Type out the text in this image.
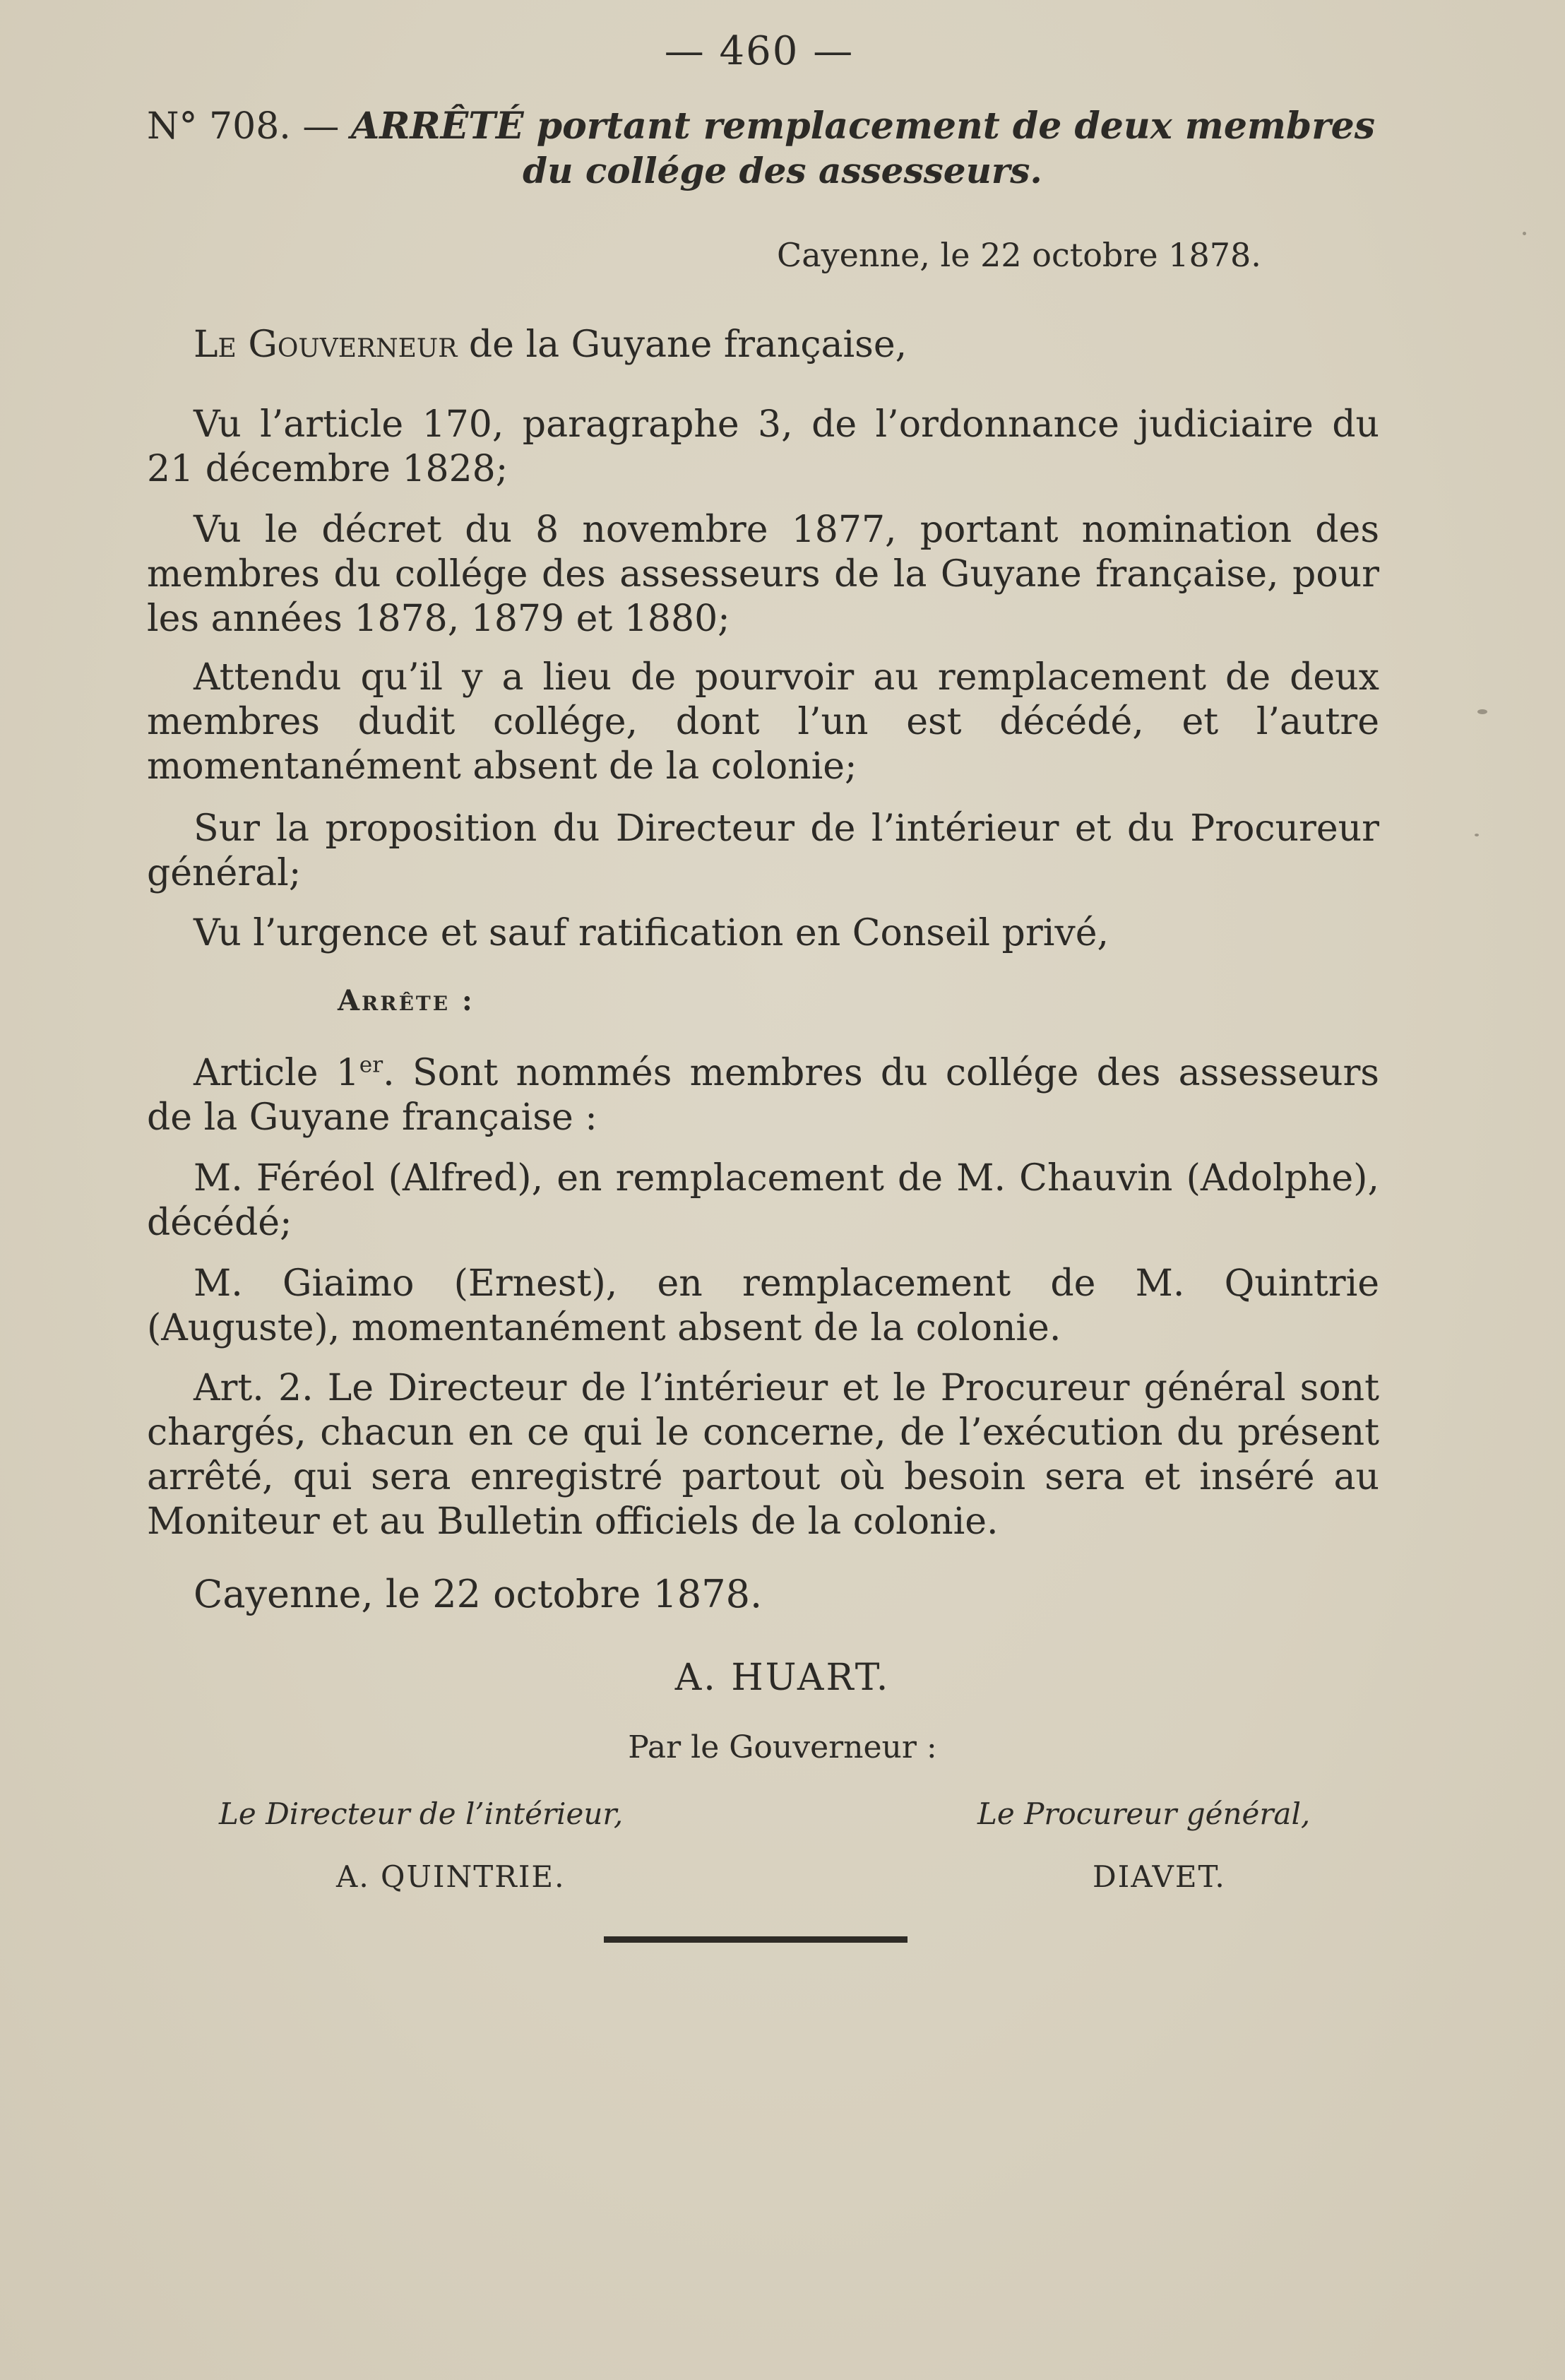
— 460 —
N° 708. — ARRÊTÉ portant remplacement de deux membres
du collége des assesseurs.
Cayenne, le 22 octobre 1878.

Le Gouverneur de la Guyane française,

Vu l’article 170, paragraphe 3, de l’ordonnance judiciaire du 21 décembre 1828;

Vu le décret du 8 novembre 1877, portant nomination des membres du collége des assesseurs de la Guyane française, pour les années 1878, 1879 et 1880;

Attendu qu’il y a lieu de pourvoir au remplacement de deux membres dudit collége, dont l’un est décédé, et l’autre momentanément absent de la colonie;

Sur la proposition du Directeur de l’intérieur et du Procureur général;

Vu l’urgence et sauf ratification en Conseil privé,

Arrête :

Article 1er. Sont nommés membres du collége des assesseurs de la Guyane française :

M. Féréol (Alfred), en remplacement de M. Chauvin (Adolphe), décédé;

M. Giaimo (Ernest), en remplacement de M. Quintrie (Auguste), momentanément absent de la colonie.

Art. 2. Le Directeur de l’intérieur et le Procureur général sont chargés, chacun en ce qui le concerne, de l’exécution du présent arrêté, qui sera enregistré partout où besoin sera et inséré au Moniteur et au Bulletin officiels de la colonie.

Cayenne, le 22 octobre 1878.
A. HUART.
Par le Gouverneur :
Le Directeur de l’intérieur,
A. QUINTRIE.
Le Procureur général,
DIAVET.
